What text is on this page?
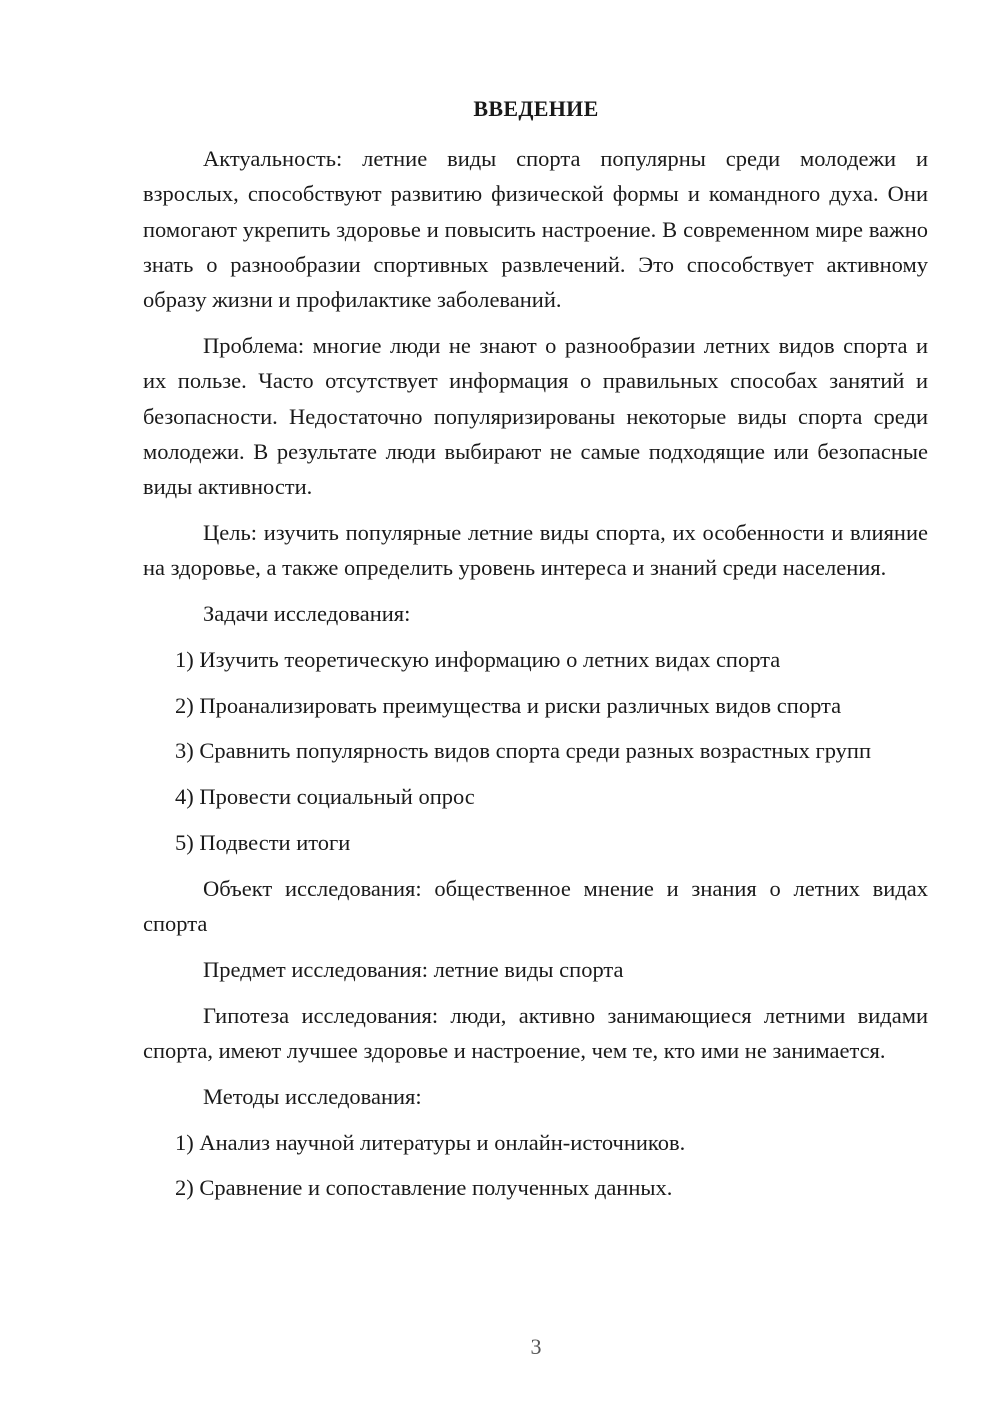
ВВЕДЕНИЕ

Актуальность: летние виды спорта популярны среди молодежи и взрослых, способствуют развитию физической формы и командного духа. Они помогают укрепить здоровье и повысить настроение. В современном мире важно знать о разнообразии спортивных развлечений. Это способствует активному образу жизни и профилактике заболеваний.

Проблема: многие люди не знают о разнообразии летних видов спорта и их пользе. Часто отсутствует информация о правильных способах занятий и безопасности. Недостаточно популяризированы некоторые виды спорта среди молодежи. В результате люди выбирают не самые подходящие или безопасные виды активности.

Цель: изучить популярные летние виды спорта, их особенности и влияние на здоровье, а также определить уровень интереса и знаний среди населения.

Задачи исследования:

1) Изучить теоретическую информацию о летних видах спорта

2) Проанализировать преимущества и риски различных видов спорта

3) Сравнить популярность видов спорта среди разных возрастных групп

4) Провести социальный опрос

5) Подвести итоги

Объект исследования: общественное мнение и знания о летних видах спорта

Предмет исследования: летние виды спорта

Гипотеза исследования: люди, активно занимающиеся летними видами спорта, имеют лучшее здоровье и настроение, чем те, кто ими не занимается.

Методы исследования:

1) Анализ научной литературы и онлайн-источников.

2) Сравнение и сопоставление полученных данных.

3
